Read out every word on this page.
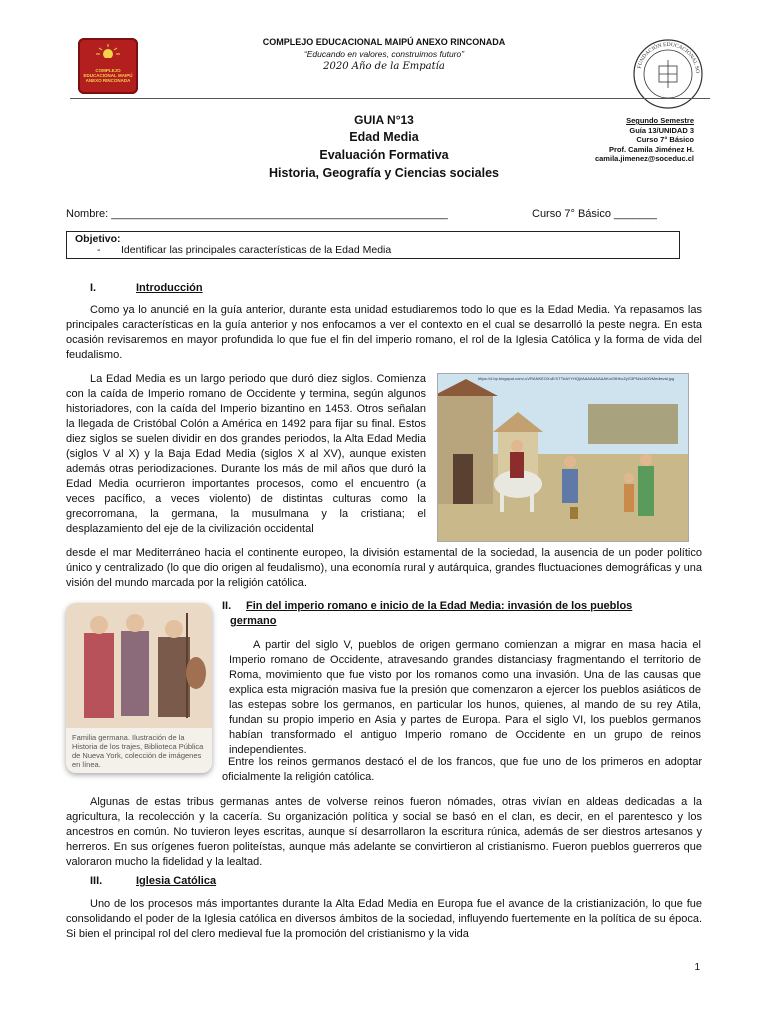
COMPLEJO EDUCACIONAL MAIPÚ ANEXO RINCONADA
FUNDACIÓN EDUCACIONAL SO
COMPLEJO EDUCACIONAL MAIPÚ ANEXO RINCONADA
“Educando en valores, construimos futuro”
2020 Año de la Empatía
GUIA N°13
Edad Media
Evaluación Formativa
Historia, Geografía y Ciencias sociales
Segundo Semestre
Guía 13/UNIDAD 3
Curso 7° Básico
Prof. Camila Jiménez H.
camila.jimenez@soceduc.cl
Nombre: _______________________________________________________	Curso 7° Básico _______
Objetivo:
- Identificar las principales características de la Edad Media
I.	Introducción
Como ya lo anuncié en la guía anterior, durante esta unidad estudiaremos todo lo que es la Edad Media. Ya repasamos las principales características en la guía anterior y nos enfocamos a ver el contexto en el cual se desarrolló la peste negra. En esta ocasión revisaremos en mayor profundida lo que fue el fin del imperio romano, el rol de la Iglesia Católica y la forma de vida del feudalismo.
La Edad Media es un largo periodo que duró diez siglos. Comienza con la caída de Imperio romano de Occidente y termina, según algunos historiadores, con la caída del Imperio bizantino en 1453. Otros señalan la llegada de Cristóbal Colón a América en 1492 para fijar su final. Estos diez siglos se suelen dividir en dos grandes periodos, la Alta Edad Media (siglos V al X) y la Baja Edad Media (siglos X al XV), aunque existen además otras periodizaciones. Durante los más de mil años que duró la Edad Media ocurrieron importantes procesos, como el encuentro (a veces pacífico, a veces violento) de distintas culturas como la grecorromana, la germana, la musulmana y la cristiana; el desplazamiento del eje de la civilización occidental
https://4.bp.blogspot.com/-uVRANKEOXuE/XTTbAYYHQjl/AAAAAAAAAKo/GtHhcZyG3PN/s1600/Medieval.jpg
desde el mar Mediterráneo hacia el continente europeo, la división estamental de la sociedad, la ausencia de un poder político único y centralizado (lo que dio origen al feudalismo), una economía rural y autárquica, grandes fluctuaciones demográficas y una visión del mundo marcada por la religión católica.
Familia germana. Ilustración de la Historia de los trajes, Biblioteca Pública de Nueva York, colección de imágenes en línea.
II. Fin del imperio romano e inicio de la Edad Media: invasión de los pueblos
germano
A partir del siglo V, pueblos de origen germano comienzan a migrar en masa hacia el Imperio romano de Occidente, atravesando grandes distanciasy fragmentando el territorio de Roma, movimiento que fue visto por los romanos como una invasión. Una de las causas que explica esta migración masiva fue la presión que comenzaron a ejercer los pueblos asiáticos de las estepas sobre los germanos, en particular los hunos, quienes, al mando de su rey Atila, fundan su propio imperio en Asia y partes de Europa. Para el siglo VI, los pueblos germanos habían transformado el antiguo Imperio romano de Occidente en un grupo de reinos independientes.
Entre los reinos germanos destacó el de los francos, que fue uno de los primeros en adoptar oficialmente la religión católica.
Algunas de estas tribus germanas antes de volverse reinos fueron nómades, otras vivían en aldeas dedicadas a la agricultura, la recolección y la cacería. Su organización política y social se basó en el clan, es decir, en el parentesco y los ancestros en común. No tuvieron leyes escritas, aunque sí desarrollaron la escritura rúnica, además de ser diestros artesanos y herreros. En sus orígenes fueron politeístas, aunque más adelante se convirtieron al cristianismo. Fueron pueblos guerreros que valoraron mucho la fidelidad y la lealtad.
III.	Iglesia Católica
Uno de los procesos más importantes durante la Alta Edad Media en Europa fue el avance de la cristianización, lo que fue consolidando el poder de la Iglesia católica en diversos ámbitos de la sociedad, influyendo fuertemente en la política de su época. Si bien el principal rol del clero medieval fue la promoción del cristianismo y la vida
1
